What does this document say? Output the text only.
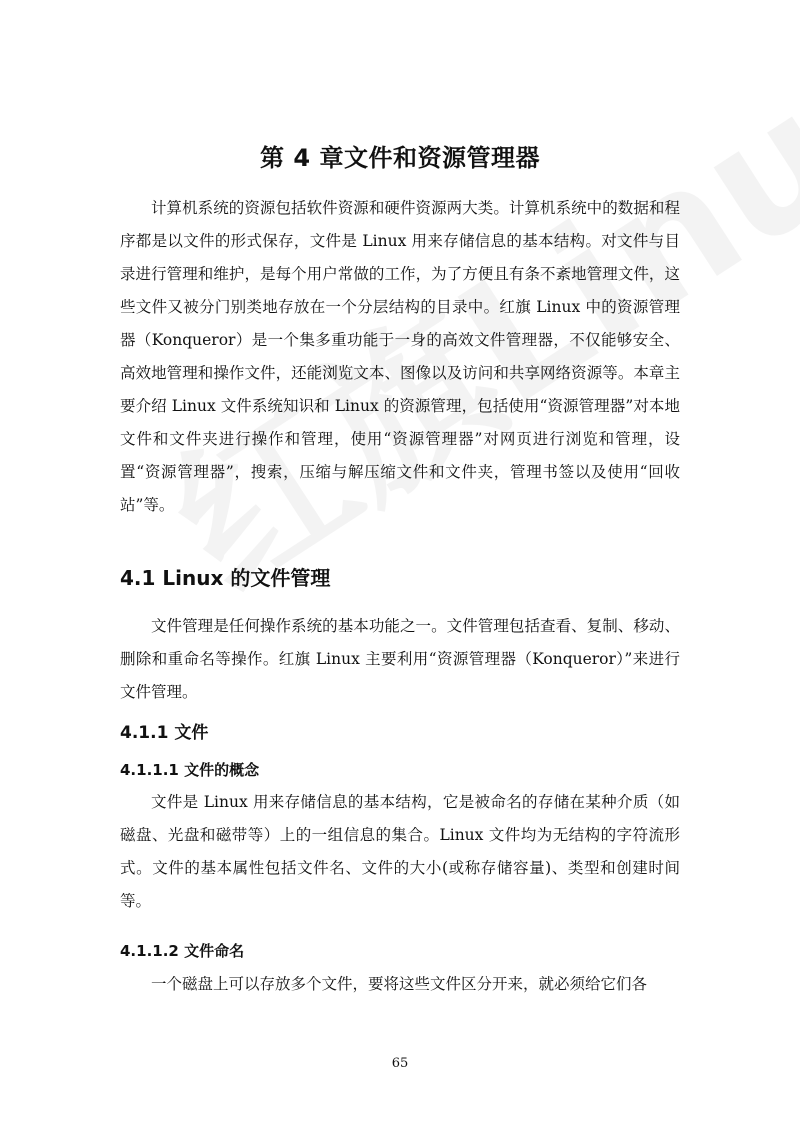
第 4 章文件和资源管理器

计算机系统的资源包括软件资源和硬件资源两大类。计算机系统中的数据和程序都是以文件的形式保存，文件是 Linux 用来存储信息的基本结构。对文件与目录进行管理和维护，是每个用户常做的工作，为了方便且有条不紊地管理文件，这些文件又被分门别类地存放在一个分层结构的目录中。红旗 Linux 中的资源管理器（Konqueror）是一个集多重功能于一身的高效文件管理器，不仅能够安全、高效地管理和操作文件，还能浏览文本、图像以及访问和共享网络资源等。本章主要介绍 Linux 文件系统知识和 Linux 的资源管理，包括使用“资源管理器”对本地文件和文件夹进行操作和管理，使用“资源管理器”对网页进行浏览和管理，设置“资源管理器”，搜索，压缩与解压缩文件和文件夹，管理书签以及使用“回收站”等。

4.1 Linux 的文件管理

文件管理是任何操作系统的基本功能之一。文件管理包括查看、复制、移动、删除和重命名等操作。红旗 Linux 主要利用“资源管理器（Konqueror）”来进行文件管理。

4.1.1 文件
4.1.1.1 文件的概念

文件是 Linux 用来存储信息的基本结构，它是被命名的存储在某种介质（如磁盘、光盘和磁带等）上的一组信息的集合。Linux 文件均为无结构的字符流形式。文件的基本属性包括文件名、文件的大小(或称存储容量)、类型和创建时间等。

4.1.1.2 文件命名

一个磁盘上可以存放多个文件，要将这些文件区分开来，就必须给它们各

65
